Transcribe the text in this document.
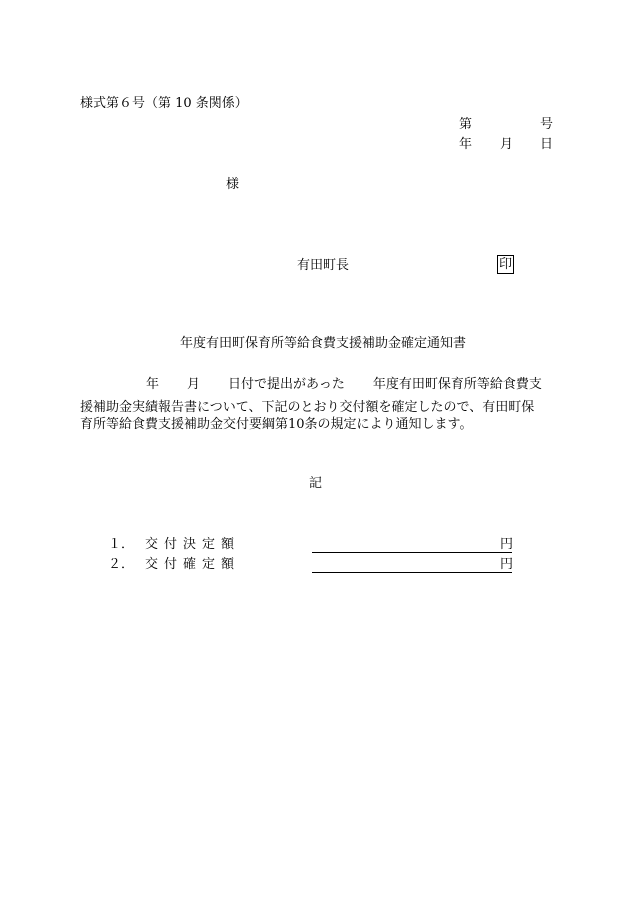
様式第６号（第 10 条関係）
第	号
年 月 日
様
有田町長	印
年度有田町保育所等給食費支援補助金確定通知書
年 月 日付で提出があった 年度有田町保育所等給食費支
援補助金実績報告書について、下記のとおり交付額を確定したので、有田町保
育所等給食費支援補助金交付要綱第10条の規定により通知します。
記
１． 交付決定額	円
２． 交付確定額	円
